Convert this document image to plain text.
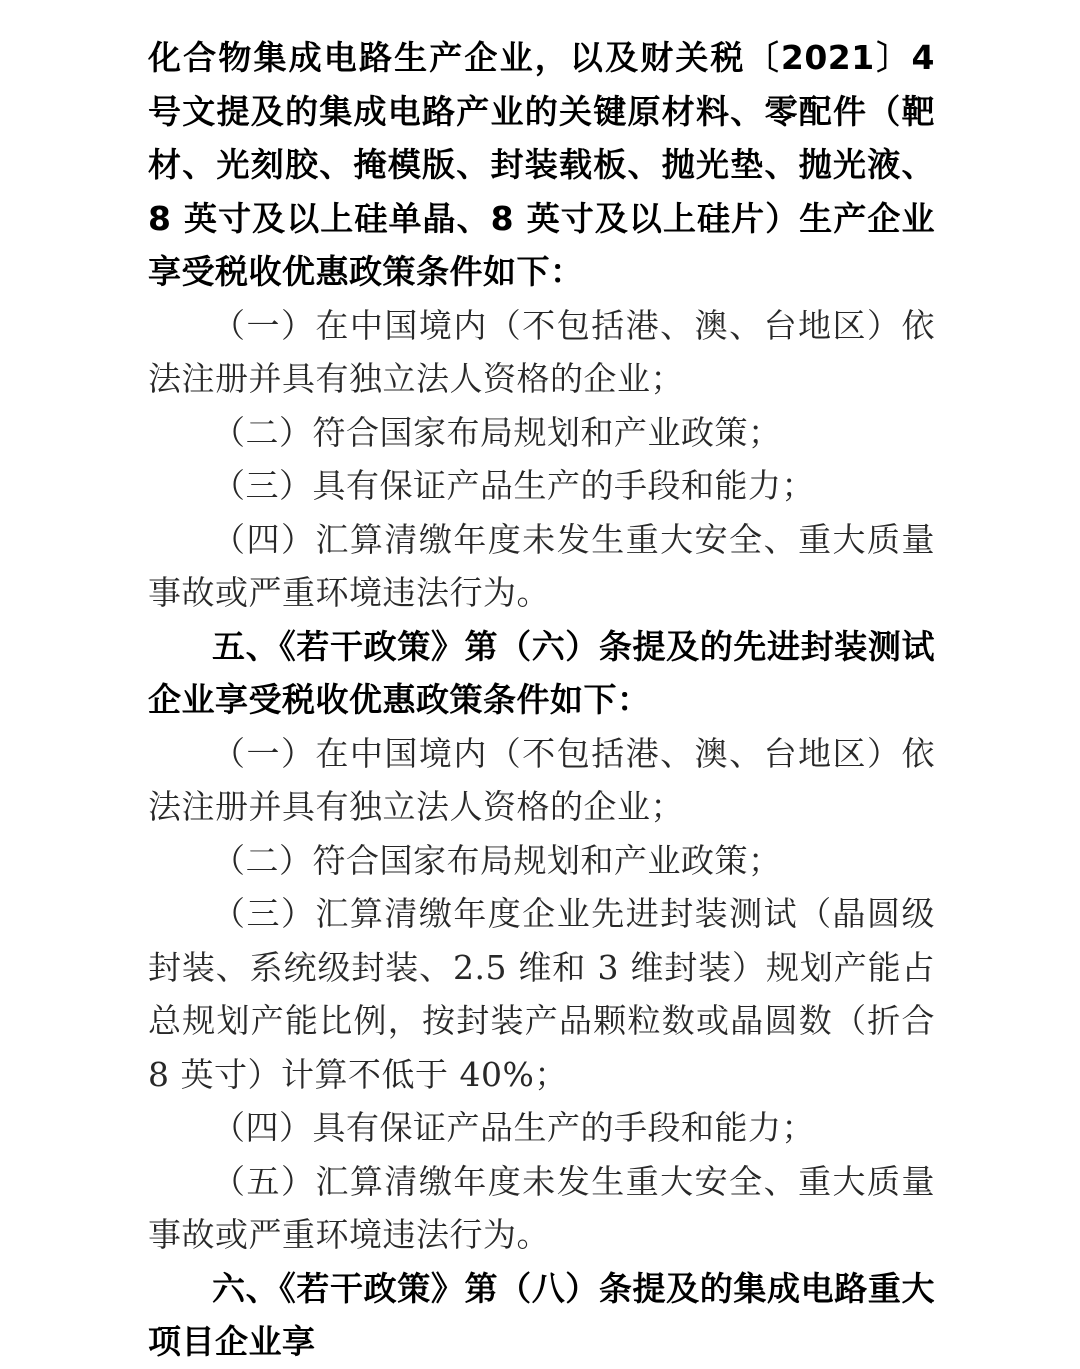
化合物集成电路生产企业，以及财关税〔2021〕4 号文提及的集成电路产业的关键原材料、零配件（靶材、光刻胶、掩模版、封装载板、抛光垫、抛光液、8 英寸及以上硅单晶、8 英寸及以上硅片）生产企业享受税收优惠政策条件如下：

（一）在中国境内（不包括港、澳、台地区）依法注册并具有独立法人资格的企业；

（二）符合国家布局规划和产业政策；

（三）具有保证产品生产的手段和能力；

（四）汇算清缴年度未发生重大安全、重大质量事故或严重环境违法行为。

五、《若干政策》第（六）条提及的先进封装测试企业享受税收优惠政策条件如下：

（一）在中国境内（不包括港、澳、台地区）依法注册并具有独立法人资格的企业；

（二）符合国家布局规划和产业政策；

（三）汇算清缴年度企业先进封装测试（晶圆级封装、系统级封装、2.5 维和 3 维封装）规划产能占总规划产能比例，按封装产品颗粒数或晶圆数（折合 8 英寸）计算不低于 40%；

（四）具有保证产品生产的手段和能力；

（五）汇算清缴年度未发生重大安全、重大质量事故或严重环境违法行为。

六、《若干政策》第（八）条提及的集成电路重大项目企业享
